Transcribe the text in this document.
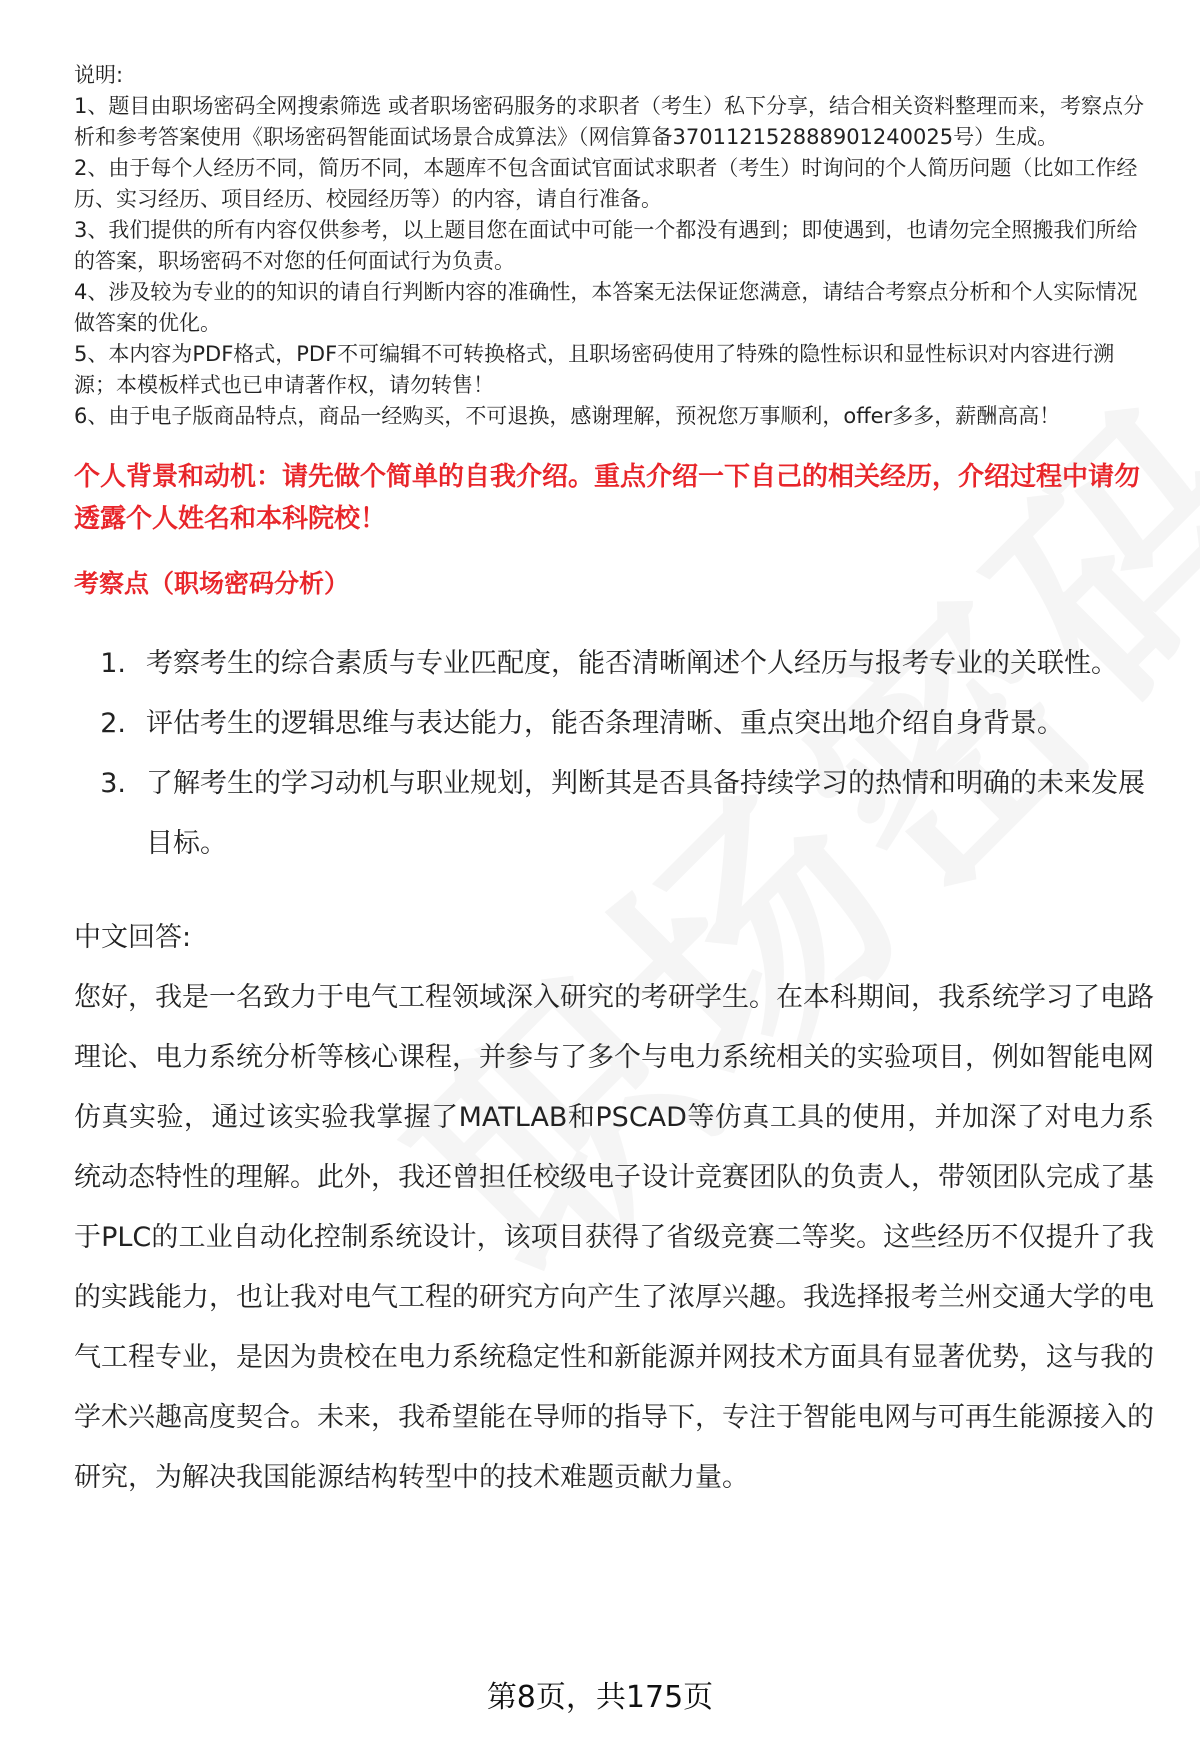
说明:

1、题目由职场密码全网搜索筛选 或者职场密码服务的求职者（考生）私下分享，结合相关资料整理而来，考察点分析和参考答案使用《职场密码智能面试场景合成算法》（网信算备370112152888901240025号）生成。

2、由于每个人经历不同，简历不同，本题库不包含面试官面试求职者（考生）时询问的个人简历问题（比如工作经历、实习经历、项目经历、校园经历等）的内容，请自行准备。

3、我们提供的所有内容仅供参考，以上题目您在面试中可能一个都没有遇到；即使遇到，也请勿完全照搬我们所给的答案，职场密码不对您的任何面试行为负责。

4、涉及较为专业的的知识的请自行判断内容的准确性，本答案无法保证您满意，请结合考察点分析和个人实际情况做答案的优化。

5、本内容为PDF格式，PDF不可编辑不可转换格式，且职场密码使用了特殊的隐性标识和显性标识对内容进行溯源；本模板样式也已申请著作权，请勿转售！

6、由于电子版商品特点，商品一经购买，不可退换，感谢理解，预祝您万事顺利，offer多多，薪酬高高！

个人背景和动机：请先做个简单的自我介绍。重点介绍一下自己的相关经历，介绍过程中请勿透露个人姓名和本科院校！
考察点（职场密码分析）
1. 考察考生的综合素质与专业匹配度，能否清晰阐述个人经历与报考专业的关联性。
2. 评估考生的逻辑思维与表达能力，能否条理清晰、重点突出地介绍自身背景。
3. 了解考生的学习动机与职业规划，判断其是否具备持续学习的热情和明确的未来发展目标。
中文回答:
您好，我是一名致力于电气工程领域深入研究的考研学生。在本科期间，我系统学习了电路理论、电力系统分析等核心课程，并参与了多个与电力系统相关的实验项目，例如智能电网仿真实验，通过该实验我掌握了MATLAB和PSCAD等仿真工具的使用，并加深了对电力系统动态特性的理解。此外，我还曾担任校级电子设计竞赛团队的负责人，带领团队完成了基于PLC的工业自动化控制系统设计，该项目获得了省级竞赛二等奖。这些经历不仅提升了我的实践能力，也让我对电气工程的研究方向产生了浓厚兴趣。我选择报考兰州交通大学的电气工程专业，是因为贵校在电力系统稳定性和新能源并网技术方面具有显著优势，这与我的学术兴趣高度契合。未来，我希望能在导师的指导下，专注于智能电网与可再生能源接入的研究，为解决我国能源结构转型中的技术难题贡献力量。
第8页，共175页
